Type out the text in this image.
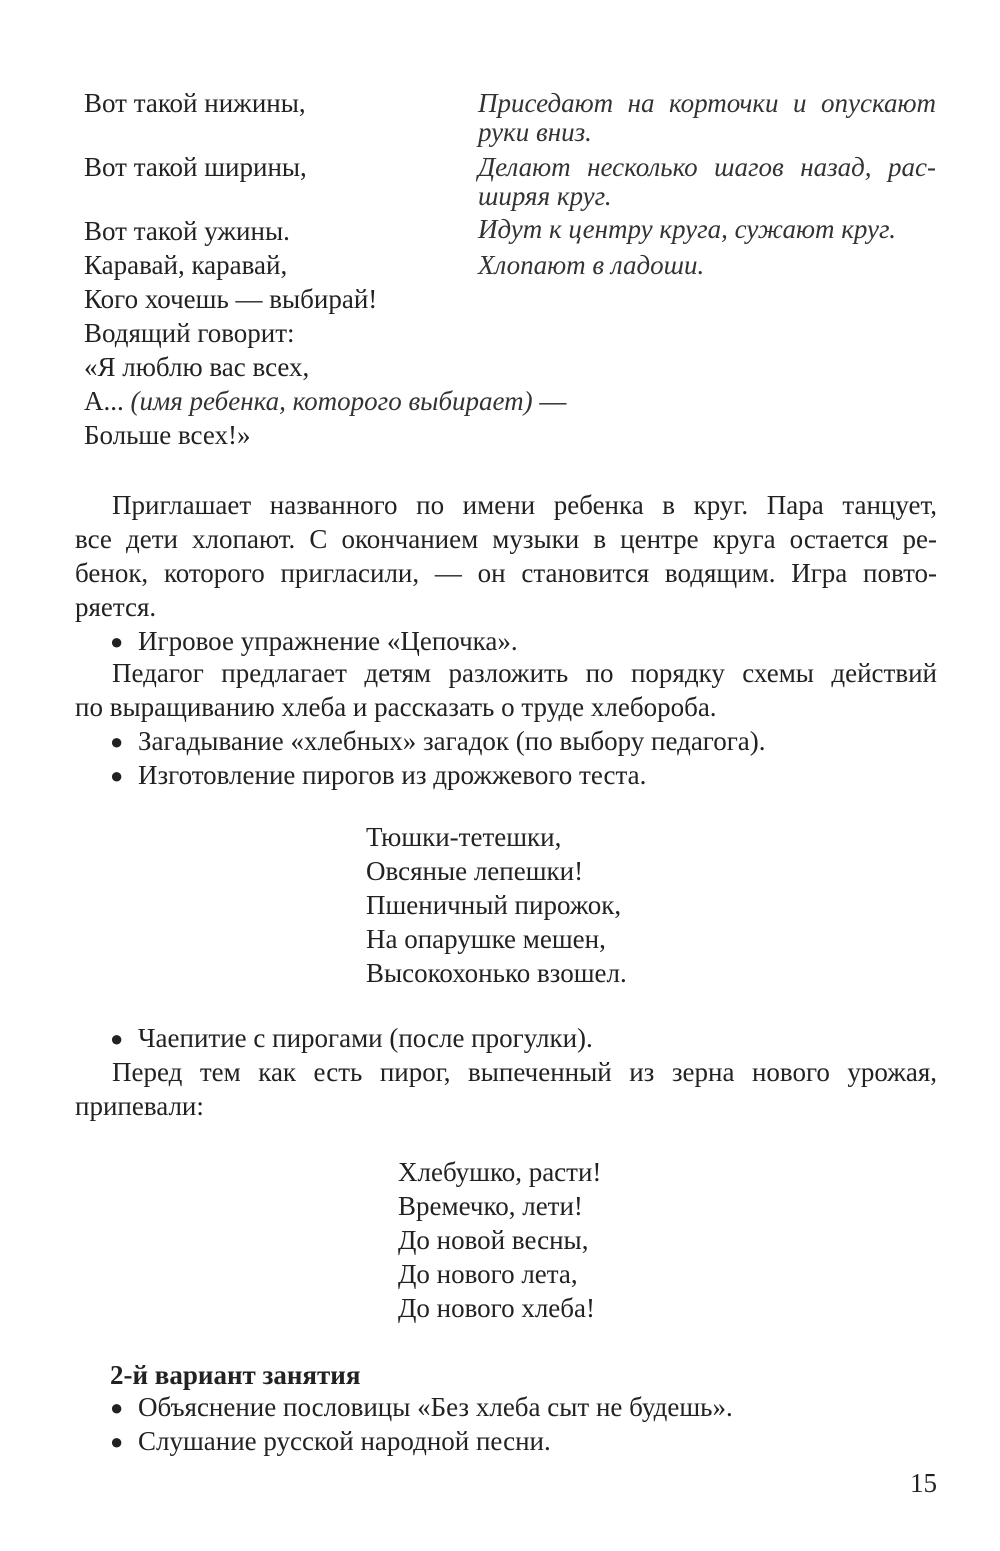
Вот такой нижины,	Приседают на корточки и опускают
руки вниз.
Вот такой ширины,	Делают несколько шагов назад, рас-
ширяя круг.
Вот такой ужины.	Идут к центру круга, сужают круг.
Каравай, каравай,	Хлопают в ладоши.
Кого хочешь — выбирай!
Водящий говорит:
«Я люблю вас всех,
А... (имя ребенка, которого выбирает) —
Больше всех!»
Приглашает названного по имени ребенка в круг. Пара танцует,
все дети хлопают. С окончанием музыки в центре круга остается ре-
бенок, которого пригласили, — он становится водящим. Игра повто-
ряется.
● Игровое упражнение «Цепочка».
Педагог предлагает детям разложить по порядку схемы действий
по выращиванию хлеба и рассказать о труде хлебороба.
● Загадывание «хлебных» загадок (по выбору педагога).
● Изготовление пирогов из дрожжевого теста.
Тюшки-тетешки,
Овсяные лепешки!
Пшеничный пирожок,
На опарушке мешен,
Высокохонько взошел.
● Чаепитие с пирогами (после прогулки).
Перед тем как есть пирог, выпеченный из зерна нового урожая,
припевали:
Хлебушко, расти!
Времечко, лети!
До новой весны,
До нового лета,
До нового хлеба!
2-й вариант занятия
● Объяснение пословицы «Без хлеба сыт не будешь».
● Слушание русской народной песни.
15
